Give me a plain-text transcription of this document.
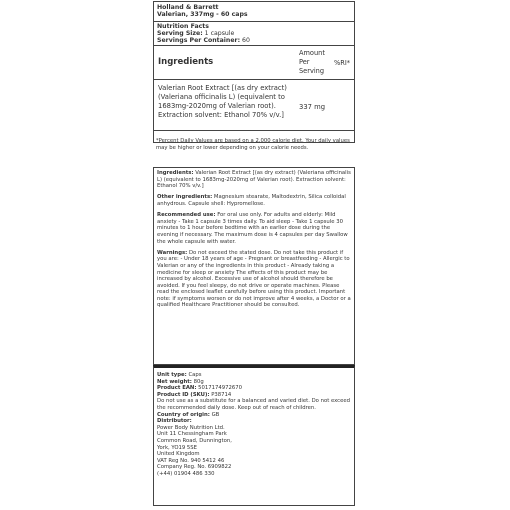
Holland & Barrett
Valerian, 337mg - 60 caps
Nutrition Facts
Serving Size: 1 capsule
Servings Per Container: 60
Ingredients
Amount Per Serving
%RI*
Valerian Root Extract [(as dry extract) (Valeriana officinalis L) (equivalent to 1683mg-2020mg of Valerian root). Extraction solvent: Ethanol 70% v/v.]
337 mg
*Percent Daily Values are based on a 2,000 calorie diet. Your daily values may be higher or lower depending on your calorie needs.

Ingredients: Valerian Root Extract [(as dry extract) (Valeriana officinalis L) (equivalent to 1683mg-2020mg of Valerian root). Extraction solvent: Ethanol 70% v/v.]

Other ingredients: Magnesium stearate, Maltodextrin, Silica colloidal anhydrous. Capsule shell: Hypromellose.

Recommended use: For oral use only. For adults and elderly: Mild anxiety - Take 1 capsule 3 times daily. To aid sleep - Take 1 capsule 30 minutes to 1 hour before bedtime with an earlier dose during the evening if necessary. The maximum dose is 4 capsules per day Swallow the whole capsule with water.

Warnings: Do not exceed the stated dose. Do not take this product if you are: - Under 18 years of age - Pregnant or breastfeeding - Allergic to Valerian or any of the ingredients in this product - Already taking a medicine for sleep or anxiety The effects of this product may be increased by alcohol. Excessive use of alcohol should therefore be avoided. If you feel sleepy, do not drive or operate machines. Please read the enclosed leaflet carefully before using this product. Important note: if symptoms worsen or do not improve after 4 weeks, a Doctor or a qualified Healthcare Practitioner should be consulted.

Unit type: Caps

Net weight: 80g

Product EAN: 5017174972670

Product ID (SKU): P38714

Do not use as a substitute for a balanced and varied diet. Do not exceed the recommended daily dose. Keep out of reach of children.

Country of origin: GB

Distributor:

Power Body Nutrition Ltd.

Unit 11 Chessingham Park

Common Road, Dunnington,

York, YO19 5SE

United Kingdom

VAT Reg No. 940 5412 46

Company Reg. No. 6909822

(+44) 01904 486 330
